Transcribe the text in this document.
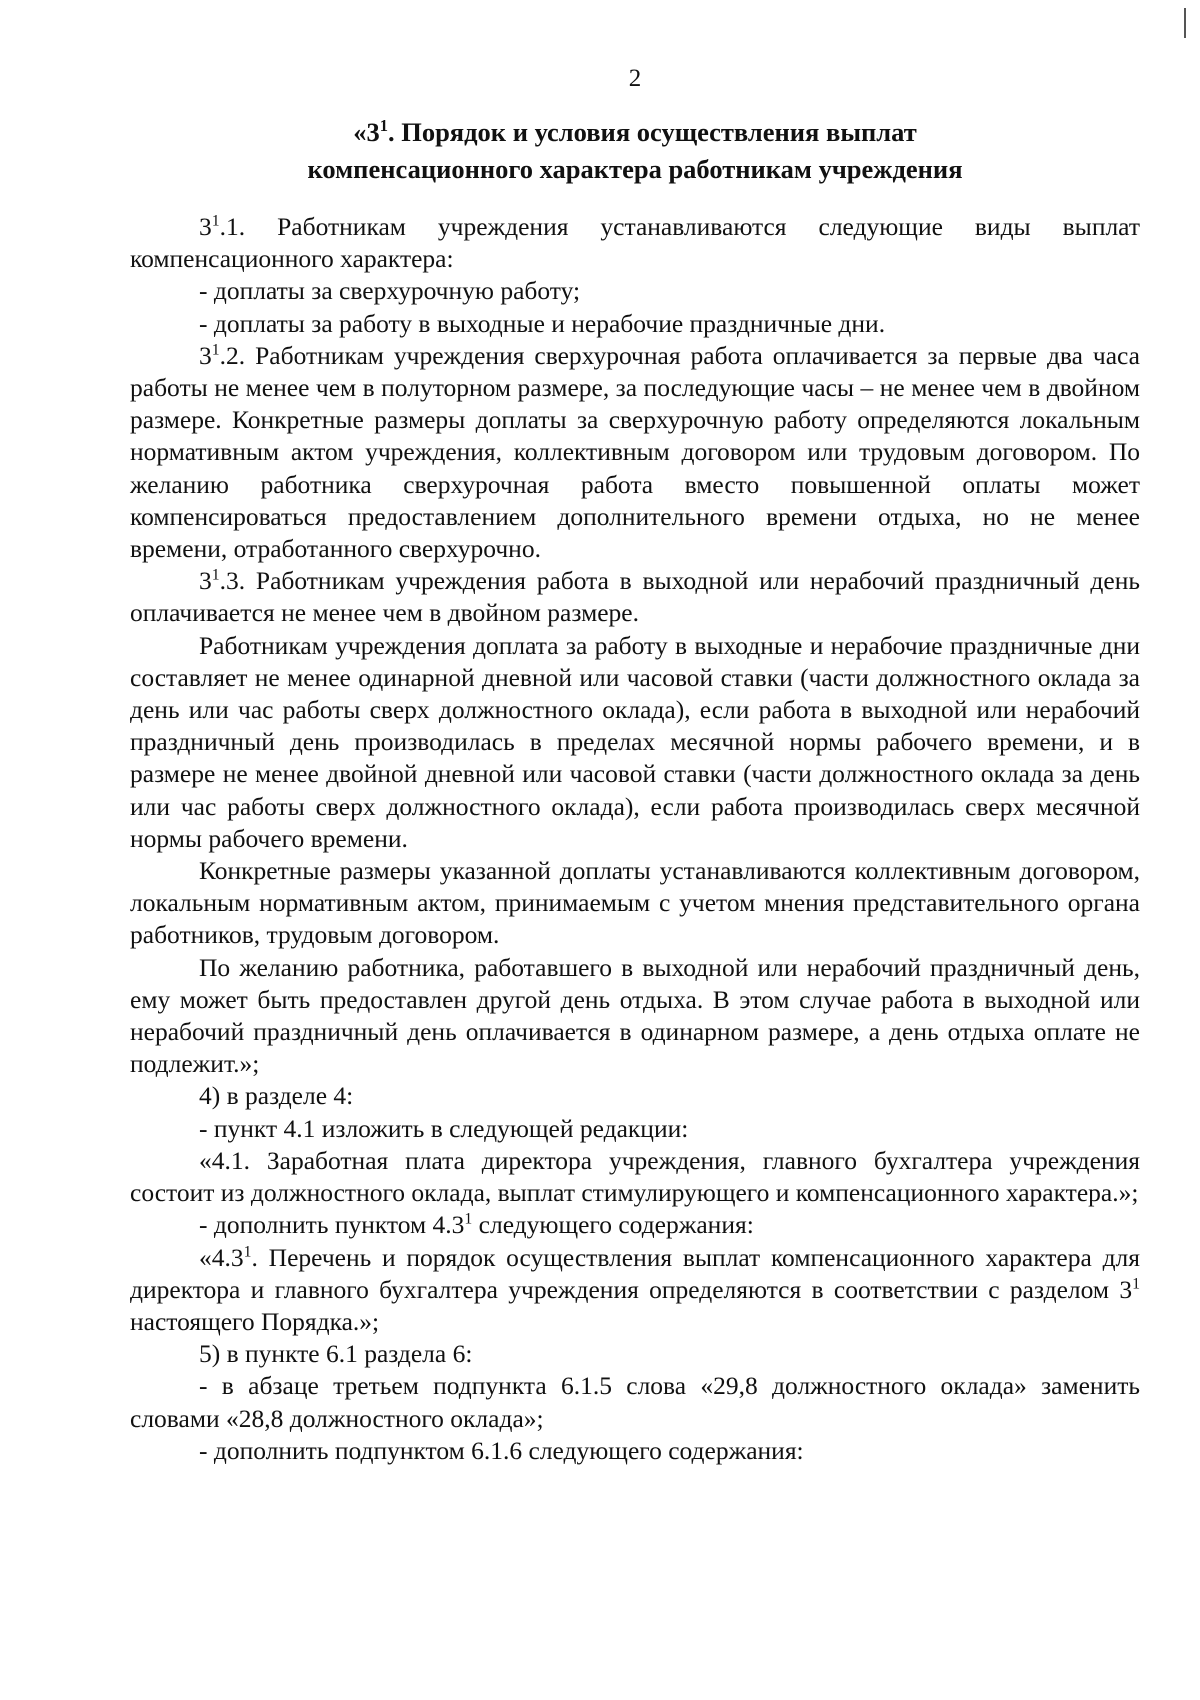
2
«$3^1$. Порядок и условия осуществления выплат
компенсационного характера работникам учреждения

$3^1.1$. Работникам учреждения устанавливаются следующие виды выплат компенсационного характера:

- доплаты за сверхурочную работу;

- доплаты за работу в выходные и нерабочие праздничные дни.

$3^1.2$. Работникам учреждения сверхурочная работа оплачивается за первые два часа работы не менее чем в полуторном размере, за последующие часы – не менее чем в двойном размере. Конкретные размеры доплаты за сверхурочную работу определяются локальным нормативным актом учреждения, коллективным договором или трудовым договором. По желанию работника сверхурочная работа вместо повышенной оплаты может компенсироваться предоставлением дополнительного времени отдыха, но не менее времени, отработанного сверхурочно.

$3^1.3$. Работникам учреждения работа в выходной или нерабочий праздничный день оплачивается не менее чем в двойном размере.

Работникам учреждения доплата за работу в выходные и нерабочие праздничные дни составляет не менее одинарной дневной или часовой ставки (части должностного оклада за день или час работы сверх должностного оклада), если работа в выходной или нерабочий праздничный день производилась в пределах месячной нормы рабочего времени, и в размере не менее двойной дневной или часовой ставки (части должностного оклада за день или час работы сверх должностного оклада), если работа производилась сверх месячной нормы рабочего времени.

Конкретные размеры указанной доплаты устанавливаются коллективным договором, локальным нормативным актом, принимаемым с учетом мнения представительного органа работников, трудовым договором.

По желанию работника, работавшего в выходной или нерабочий праздничный день, ему может быть предоставлен другой день отдыха. В этом случае работа в выходной или нерабочий праздничный день оплачивается в одинарном размере, а день отдыха оплате не подлежит.»;

4) в разделе 4:

- пункт 4.1 изложить в следующей редакции:

«4.1. Заработная плата директора учреждения, главного бухгалтера учреждения состоит из должностного оклада, выплат стимулирующего и компенсационного характера.»;

- дополнить пунктом $4.3^1$ следующего содержания:

«$4.3^1$. Перечень и порядок осуществления выплат компенсационного характера для директора и главного бухгалтера учреждения определяются в соответствии с разделом $3^1$ настоящего Порядка.»;

5) в пункте 6.1 раздела 6:

- в абзаце третьем подпункта 6.1.5 слова «29,8 должностного оклада» заменить словами «28,8 должностного оклада»;

- дополнить подпунктом 6.1.6 следующего содержания:
